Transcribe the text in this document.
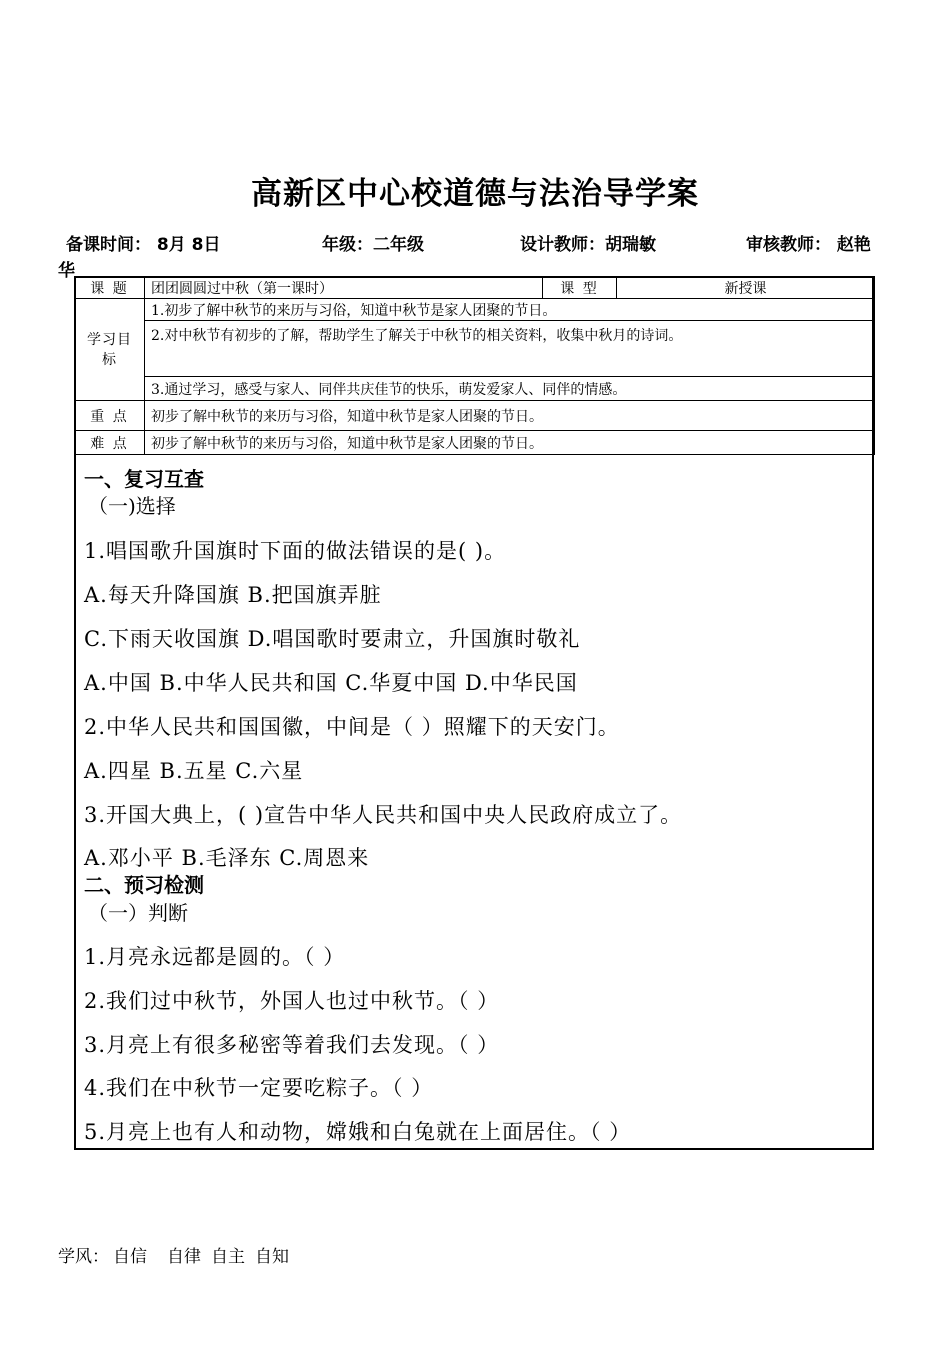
高新区中心校道德与法治导学案
备课时间： 8月 8日	年级：二年级	设计教师：胡瑞敏	审核教师： 赵艳
华
课 题	团团圆圆过中秋（第一课时）	课 型	新授课
学习目标	1.初步了解中秋节的来历与习俗，知道中秋节是家人团聚的节日。		
	2.对中秋节有初步的了解，帮助学生了解关于中秋节的相关资料，收集中秋月的诗词。		
	3.通过学习，感受与家人、同伴共庆佳节的快乐，萌发爱家人、同伴的情感。		
重 点	初步了解中秋节的来历与习俗，知道中秋节是家人团聚的节日。		
难 点	初步了解中秋节的来历与习俗，知道中秋节是家人团聚的节日。		
一、复习互查
（一)选择
1.唱国歌升国旗时下面的做法错误的是( )。
A.每天升降国旗 B.把国旗弄脏
C.下雨天收国旗 D.唱国歌时要肃立，升国旗时敬礼
A.中国 B.中华人民共和国 C.华夏中国 D.中华民国
2.中华人民共和国国徽，中间是（ ）照耀下的天安门。
A.四星 B.五星 C.六星
3.开国大典上，( )宣告中华人民共和国中央人民政府成立了。
A.邓小平 B.毛泽东 C.周恩来
二、预习检测
（一）判断
1.月亮永远都是圆的。（ ）
2.我们过中秋节，外国人也过中秋节。（ ）
3.月亮上有很多秘密等着我们去发现。（ ）
4.我们在中秋节一定要吃粽子。（ ）
5.月亮上也有人和动物，嫦娥和白兔就在上面居住。（ ）
学风： 自信 自律 自主 自知
